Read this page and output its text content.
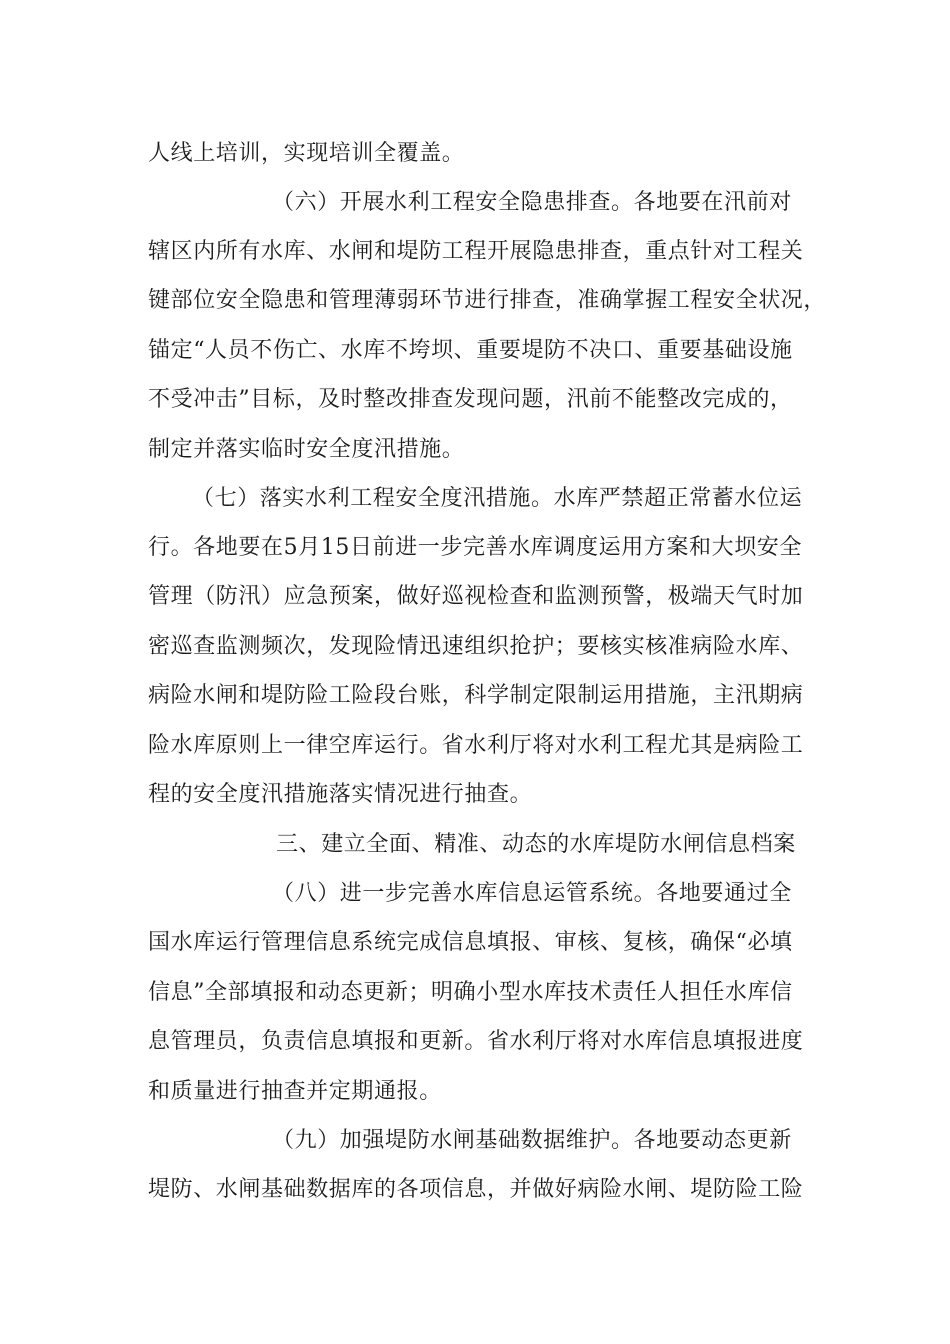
人线上培训，实现培训全覆盖。
（六）开展水利工程安全隐患排查。各地要在汛前对
辖区内所有水库、水闸和堤防工程开展隐患排查，重点针对工程关
键部位安全隐患和管理薄弱环节进行排查，准确掌握工程安全状况，
锚定“人员不伤亡、水库不垮坝、重要堤防不决口、重要基础设施
不受冲击”目标，及时整改排查发现问题，汛前不能整改完成的，
制定并落实临时安全度汛措施。
（七）落实水利工程安全度汛措施。水库严禁超正常蓄水位运
行。各地要在5月15日前进一步完善水库调度运用方案和大坝安全
管理（防汛）应急预案，做好巡视检查和监测预警，极端天气时加
密巡查监测频次，发现险情迅速组织抢护；要核实核准病险水库、
病险水闸和堤防险工险段台账，科学制定限制运用措施，主汛期病
险水库原则上一律空库运行。省水利厅将对水利工程尤其是病险工
程的安全度汛措施落实情况进行抽查。
三、建立全面、精准、动态的水库堤防水闸信息档案
（八）进一步完善水库信息运管系统。各地要通过全
国水库运行管理信息系统完成信息填报、审核、复核，确保“必填
信息”全部填报和动态更新；明确小型水库技术责任人担任水库信
息管理员，负责信息填报和更新。省水利厅将对水库信息填报进度
和质量进行抽查并定期通报。
（九）加强堤防水闸基础数据维护。各地要动态更新
堤防、水闸基础数据库的各项信息，并做好病险水闸、堤防险工险
